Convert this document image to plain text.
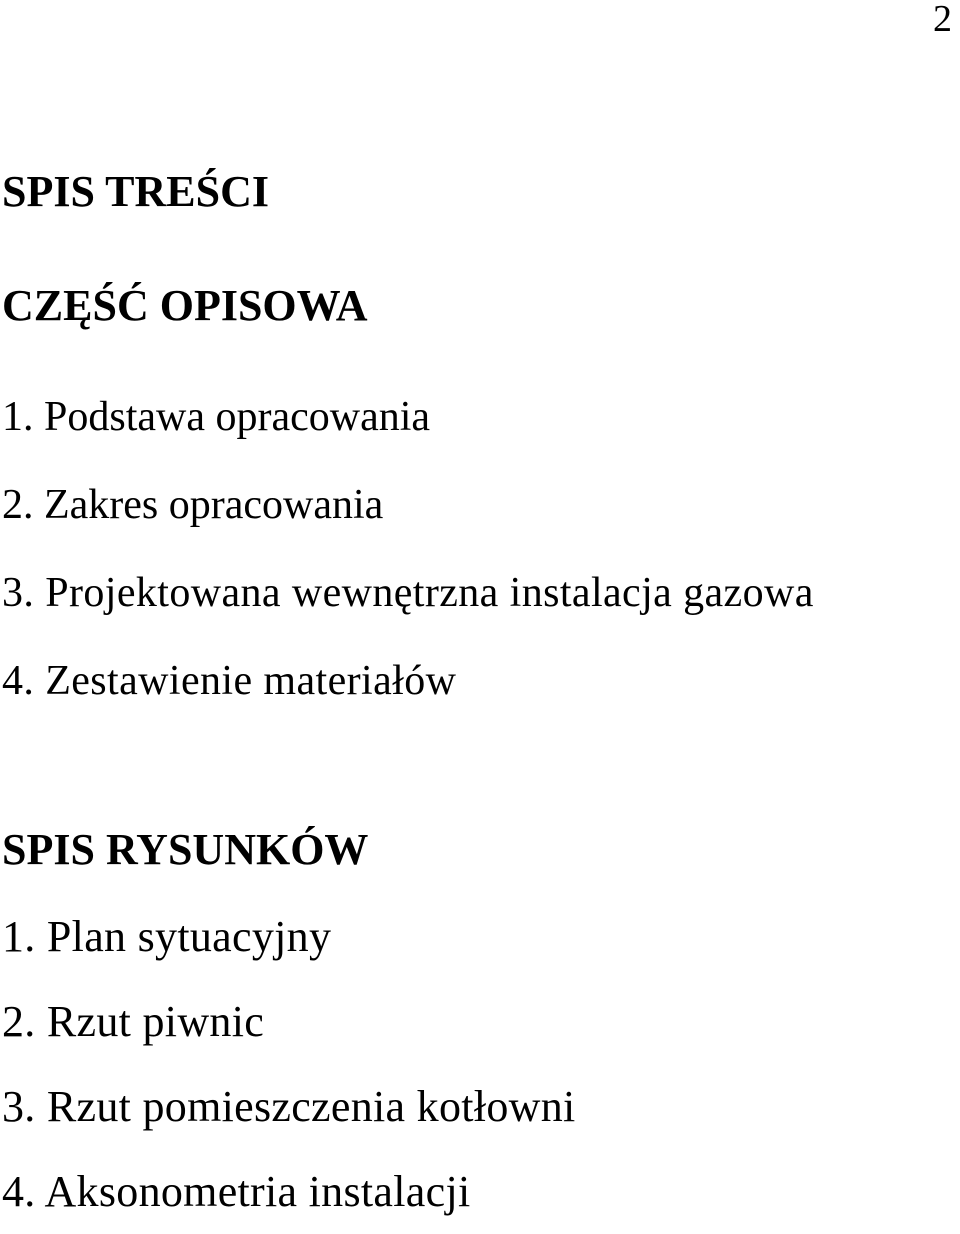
2
SPIS TREŚCI
CZĘŚĆ OPISOWA
1. Podstawa opracowania
2. Zakres opracowania
3. Projektowana wewnętrzna instalacja gazowa
4. Zestawienie materiałów
SPIS RYSUNKÓW
1. Plan sytuacyjny
2. Rzut piwnic
3. Rzut pomieszczenia kotłowni
4. Aksonometria instalacji
